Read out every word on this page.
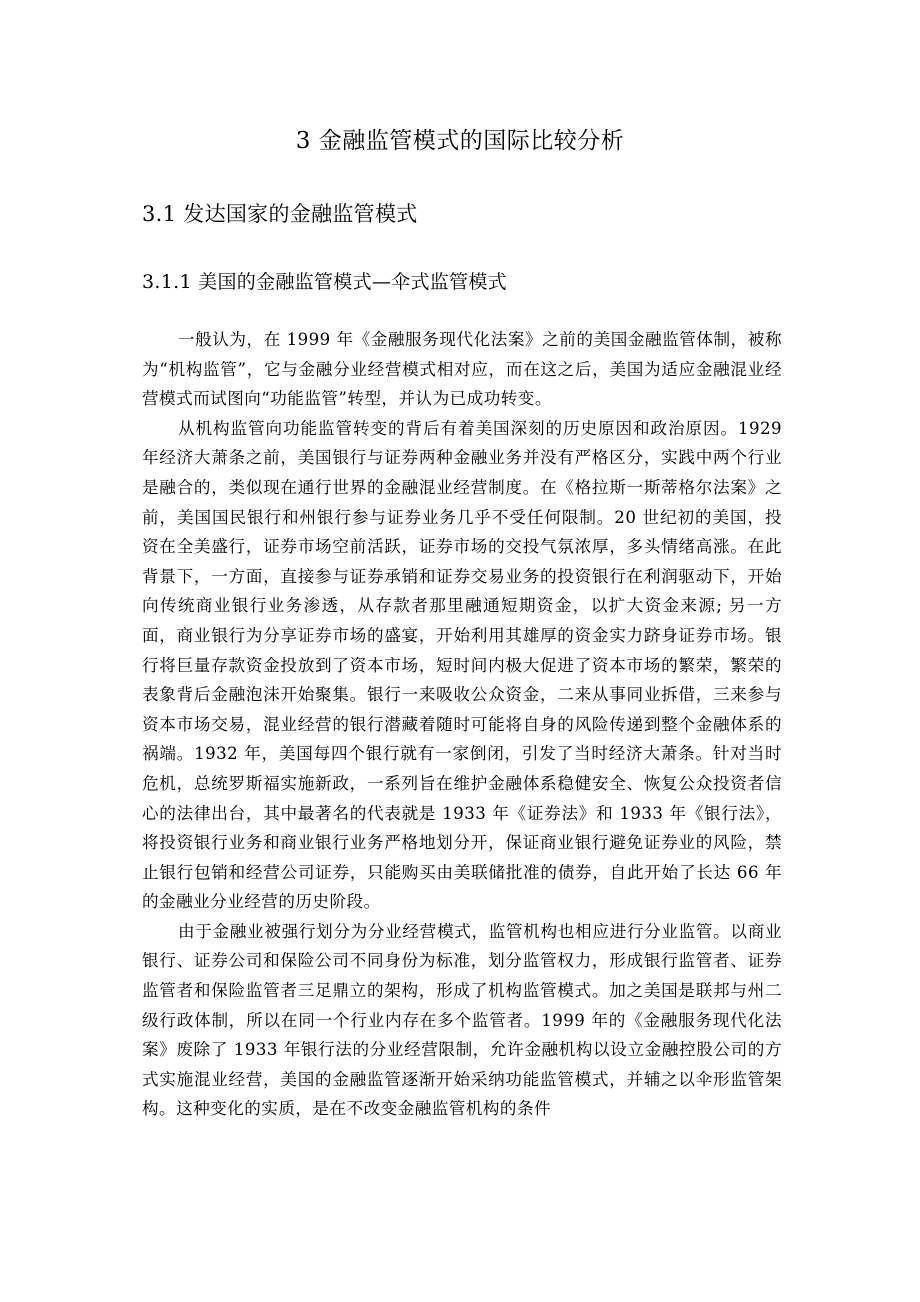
3 金融监管模式的国际比较分析
3.1 发达国家的金融监管模式
3.1.1 美国的金融监管模式—伞式监管模式

一般认为，在 1999 年《金融服务现代化法案》之前的美国金融监管体制，被称为“机构监管”，它与金融分业经营模式相对应，而在这之后，美国为适应金融混业经营模式而试图向“功能监管”转型，并认为已成功转变。

从机构监管向功能监管转变的背后有着美国深刻的历史原因和政治原因。1929 年经济大萧条之前，美国银行与证券两种金融业务并没有严格区分，实践中两个行业是融合的，类似现在通行世界的金融混业经营制度。在《格拉斯一斯蒂格尔法案》之前，美国国民银行和州银行参与证券业务几乎不受任何限制。20 世纪初的美国，投资在全美盛行，证券市场空前活跃，证券市场的交投气氛浓厚，多头情绪高涨。在此背景下，一方面，直接参与证券承销和证券交易业务的投资银行在利润驱动下，开始向传统商业银行业务渗透，从存款者那里融通短期资金，以扩大资金来源; 另一方面，商业银行为分享证券市场的盛宴，开始利用其雄厚的资金实力跻身证券市场。银行将巨量存款资金投放到了资本市场，短时间内极大促进了资本市场的繁荣，繁荣的表象背后金融泡沫开始聚集。银行一来吸收公众资金，二来从事同业拆借，三来参与资本市场交易，混业经营的银行潜藏着随时可能将自身的风险传递到整个金融体系的祸端。1932 年，美国每四个银行就有一家倒闭，引发了当时经济大萧条。针对当时危机，总统罗斯福实施新政，一系列旨在维护金融体系稳健安全、恢复公众投资者信心的法律出台，其中最著名的代表就是 1933 年《证券法》和 1933 年《银行法》，将投资银行业务和商业银行业务严格地划分开，保证商业银行避免证券业的风险，禁止银行包销和经营公司证券，只能购买由美联储批准的债券，自此开始了长达 66 年的金融业分业经营的历史阶段。

由于金融业被强行划分为分业经营模式，监管机构也相应进行分业监管。以商业银行、证券公司和保险公司不同身份为标准，划分监管权力，形成银行监管者、证券监管者和保险监管者三足鼎立的架构，形成了机构监管模式。加之美国是联邦与州二级行政体制，所以在同一个行业内存在多个监管者。1999 年的《金融服务现代化法案》废除了 1933 年银行法的分业经营限制，允许金融机构以设立金融控股公司的方式实施混业经营，美国的金融监管逐渐开始采纳功能监管模式，并辅之以伞形监管架构。这种变化的实质，是在不改变金融监管机构的条件
